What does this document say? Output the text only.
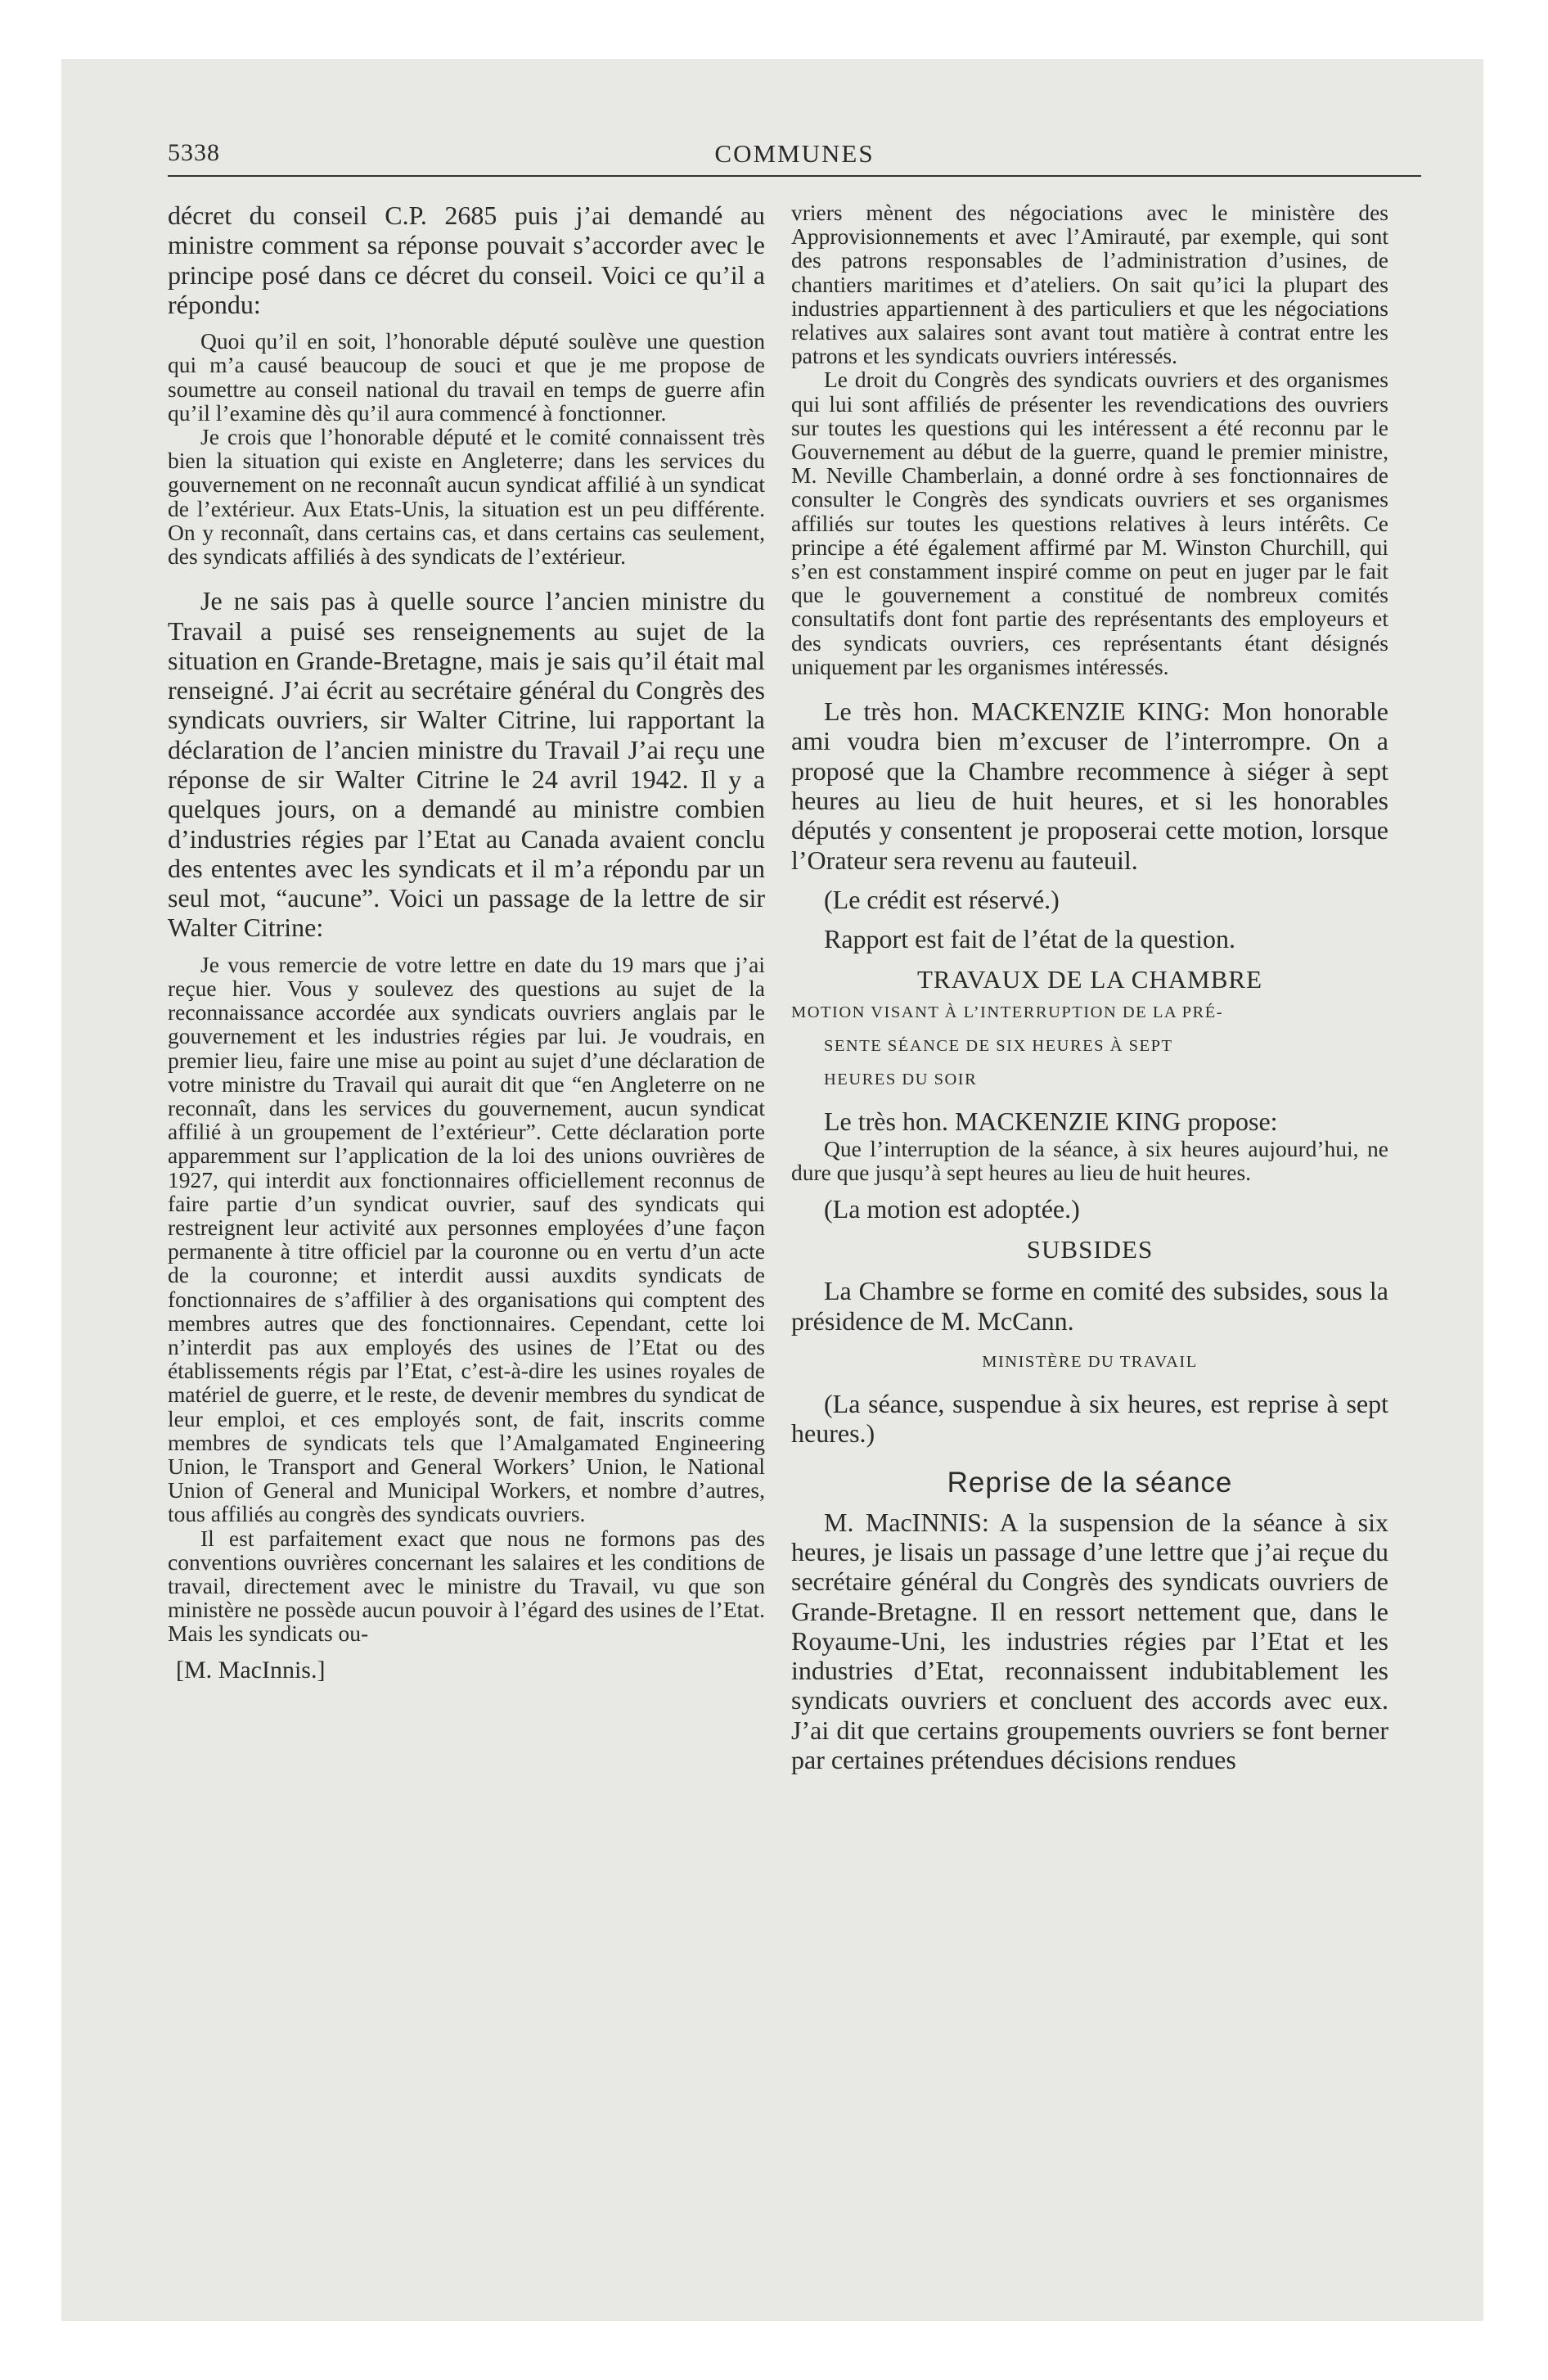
5338	COMMUNES

décret du conseil C.P. 2685 puis j’ai demandé au ministre comment sa réponse pouvait s’accorder avec le principe posé dans ce décret du conseil. Voici ce qu’il a répondu:

Quoi qu’il en soit, l’honorable député soulève une question qui m’a causé beaucoup de souci et que je me propose de soumettre au conseil national du travail en temps de guerre afin qu’il l’examine dès qu’il aura commencé à fonctionner.

Je crois que l’honorable député et le comité connaissent très bien la situation qui existe en Angleterre; dans les services du gouvernement on ne reconnaît aucun syndicat affilié à un syndicat de l’extérieur. Aux Etats-Unis, la situation est un peu différente. On y reconnaît, dans certains cas, et dans certains cas seulement, des syndicats affiliés à des syndicats de l’extérieur.

Je ne sais pas à quelle source l’ancien ministre du Travail a puisé ses renseignements au sujet de la situation en Grande-Bretagne, mais je sais qu’il était mal renseigné. J’ai écrit au secrétaire général du Congrès des syndicats ouvriers, sir Walter Citrine, lui rapportant la déclaration de l’ancien ministre du Travail J’ai reçu une réponse de sir Walter Citrine le 24 avril 1942. Il y a quelques jours, on a demandé au ministre combien d’industries régies par l’Etat au Canada avaient conclu des ententes avec les syndicats et il m’a répondu par un seul mot, “aucune”. Voici un passage de la lettre de sir Walter Citrine:

Je vous remercie de votre lettre en date du 19 mars que j’ai reçue hier. Vous y soulevez des questions au sujet de la reconnaissance accordée aux syndicats ouvriers anglais par le gouvernement et les industries régies par lui. Je voudrais, en premier lieu, faire une mise au point au sujet d’une déclaration de votre ministre du Travail qui aurait dit que “en Angleterre on ne reconnaît, dans les services du gouvernement, aucun syndicat affilié à un groupement de l’extérieur”. Cette déclaration porte apparemment sur l’application de la loi des unions ouvrières de 1927, qui interdit aux fonctionnaires officiellement reconnus de faire partie d’un syndicat ouvrier, sauf des syndicats qui restreignent leur activité aux personnes employées d’une façon permanente à titre officiel par la couronne ou en vertu d’un acte de la couronne; et interdit aussi auxdits syndicats de fonctionnaires de s’affilier à des organisations qui comptent des membres autres que des fonctionnaires. Cependant, cette loi n’interdit pas aux employés des usines de l’Etat ou des établissements régis par l’Etat, c’est-à-dire les usines royales de matériel de guerre, et le reste, de devenir membres du syndicat de leur emploi, et ces employés sont, de fait, inscrits comme membres de syndicats tels que l’Amalgamated Engineering Union, le Transport and General Workers’ Union, le National Union of General and Municipal Workers, et nombre d’autres, tous affiliés au congrès des syndicats ouvriers.

Il est parfaitement exact que nous ne formons pas des conventions ouvrières concernant les salaires et les conditions de travail, directement avec le ministre du Travail, vu que son ministère ne possède aucun pouvoir à l’égard des usines de l’Etat. Mais les syndicats ou-

[M. MacInnis.]

vriers mènent des négociations avec le ministère des Approvisionnements et avec l’Amirauté, par exemple, qui sont des patrons responsables de l’administration d’usines, de chantiers maritimes et d’ateliers. On sait qu’ici la plupart des industries appartiennent à des particuliers et que les négociations relatives aux salaires sont avant tout matière à contrat entre les patrons et les syndicats ouvriers intéressés.

Le droit du Congrès des syndicats ouvriers et des organismes qui lui sont affiliés de présenter les revendications des ouvriers sur toutes les questions qui les intéressent a été reconnu par le Gouvernement au début de la guerre, quand le premier ministre, M. Neville Chamberlain, a donné ordre à ses fonctionnaires de consulter le Congrès des syndicats ouvriers et ses organismes affiliés sur toutes les questions relatives à leurs intérêts. Ce principe a été également affirmé par M. Winston Churchill, qui s’en est constamment inspiré comme on peut en juger par le fait que le gouvernement a constitué de nombreux comités consultatifs dont font partie des représentants des employeurs et des syndicats ouvriers, ces représentants étant désignés uniquement par les organismes intéressés.

Le très hon. MACKENZIE KING: Mon honorable ami voudra bien m’excuser de l’interrompre. On a proposé que la Chambre recommence à siéger à sept heures au lieu de huit heures, et si les honorables députés y consentent je proposerai cette motion, lorsque l’Orateur sera revenu au fauteuil.

(Le crédit est réservé.)

Rapport est fait de l’état de la question.

TRAVAUX DE LA CHAMBRE

MOTION VISANT À L’INTERRUPTION DE LA PRÉ-

SENTE SÉANCE DE SIX HEURES À SEPT

HEURES DU SOIR

Le très hon. MACKENZIE KING propose:

Que l’interruption de la séance, à six heures aujourd’hui, ne dure que jusqu’à sept heures au lieu de huit heures.

(La motion est adoptée.)

SUBSIDES

La Chambre se forme en comité des subsides, sous la présidence de M. McCann.

MINISTÈRE DU TRAVAIL

(La séance, suspendue à six heures, est reprise à sept heures.)

Reprise de la séance

M. MacINNIS: A la suspension de la séance à six heures, je lisais un passage d’une lettre que j’ai reçue du secrétaire général du Congrès des syndicats ouvriers de Grande-Bretagne. Il en ressort nettement que, dans le Royaume-Uni, les industries régies par l’Etat et les industries d’Etat, reconnaissent indubitablement les syndicats ouvriers et concluent des accords avec eux. J’ai dit que certains groupements ouvriers se font berner par certaines prétendues décisions rendues
